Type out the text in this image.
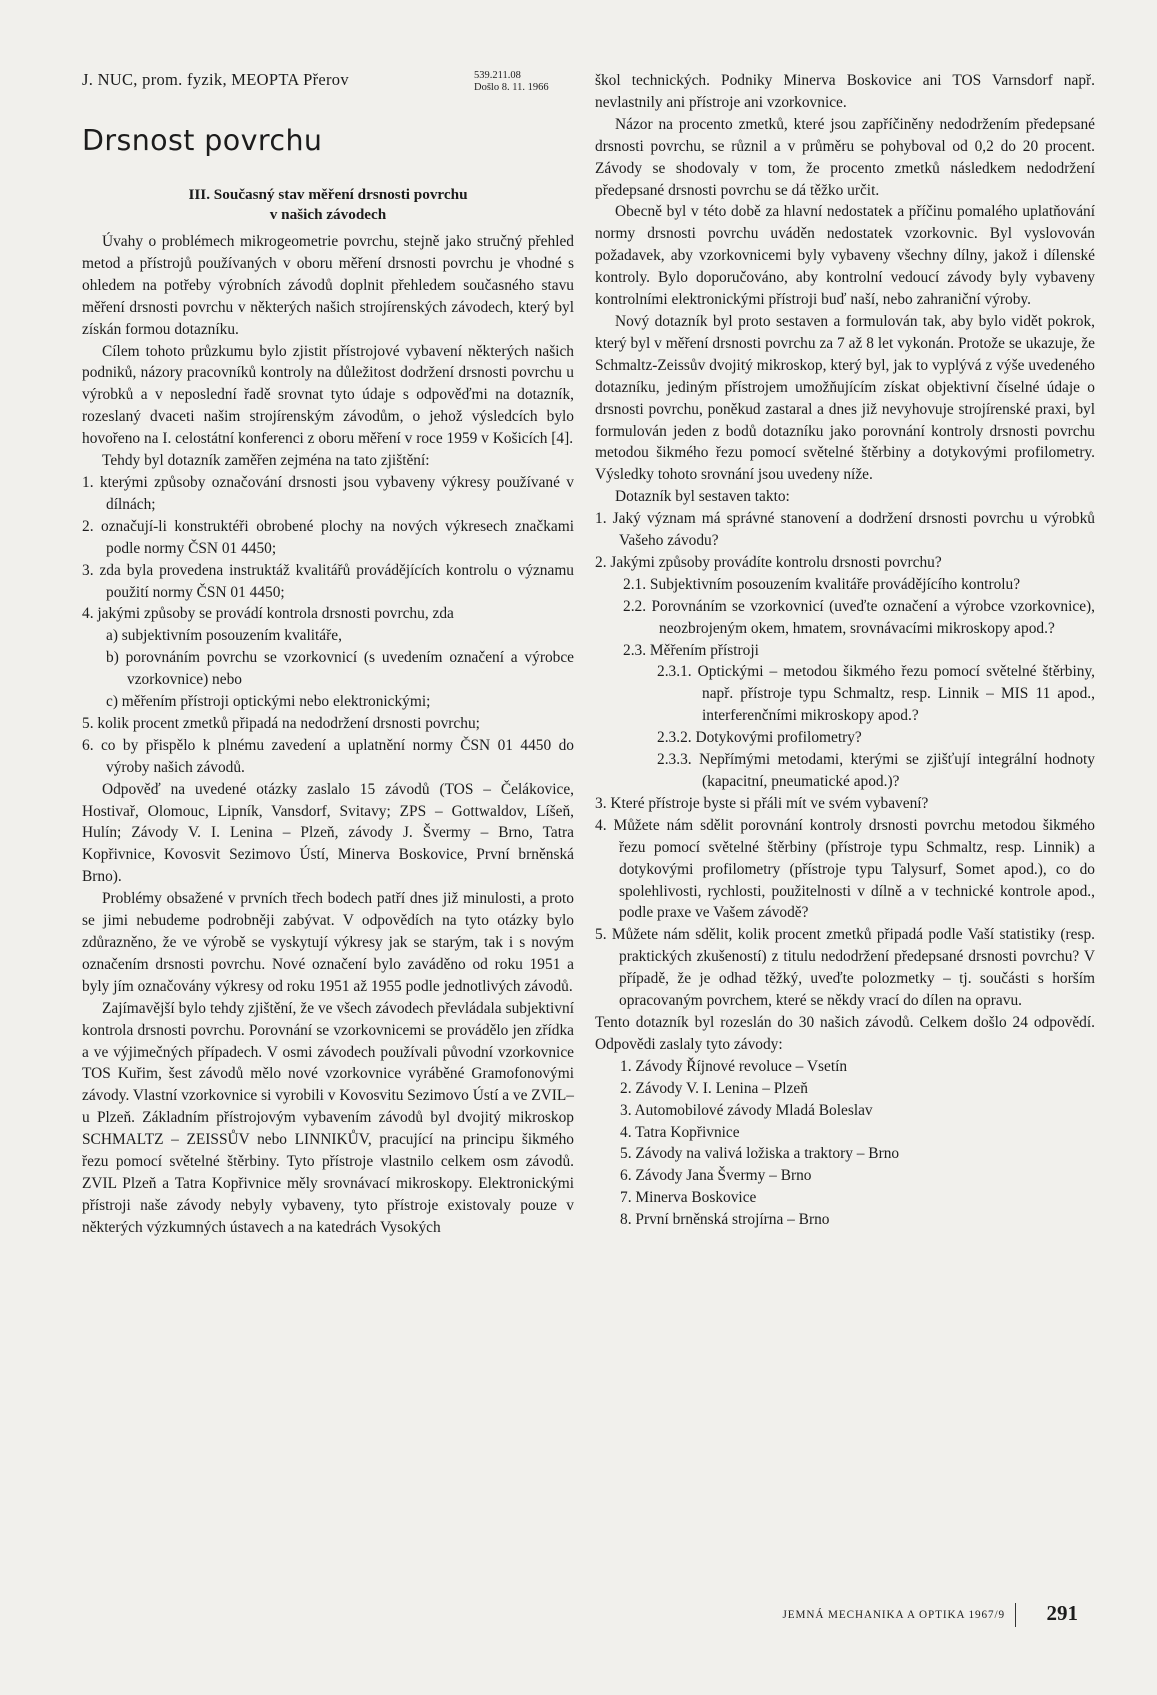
J. NUC, prom. fyzik, MEOPTA Přerov	539.211.08
Došlo 8. 11. 1966
Drsnost povrchu
III. Současný stav měření drsnosti povrchu
v našich závodech

Úvahy o problémech mikrogeometrie povrchu, stejně jako stručný přehled metod a přístrojů používaných v oboru měření drsnosti povrchu je vhodné s ohledem na potřeby výrobních závodů doplnit přehledem současného stavu měření drsnosti povrchu v některých našich strojírenských závodech, který byl získán formou dotazníku.

Cílem tohoto průzkumu bylo zjistit přístrojové vybavení některých našich podniků, názory pracovníků kontroly na důležitost dodržení drsnosti povrchu u výrobků a v neposlední řadě srovnat tyto údaje s odpověďmi na dotazník, rozeslaný dvaceti našim strojírenským závodům, o jehož výsledcích bylo hovořeno na I. celostátní konferenci z oboru měření v roce 1959 v Košicích [4].

Tehdy byl dotazník zaměřen zejména na tato zjištění:

1. kterými způsoby označování drsnosti jsou vybaveny výkresy používané v dílnách;

2. označují-li konstruktéři obrobené plochy na nových výkresech značkami podle normy ČSN 01 4450;

3. zda byla provedena instruktáž kvalitářů provádějících kontrolu o významu použití normy ČSN 01 4450;

4. jakými způsoby se provádí kontrola drsnosti povrchu, zda

a) subjektivním posouzením kvalitáře,

b) porovnáním povrchu se vzorkovnicí (s uvedením označení a výrobce vzorkovnice) nebo

c) měřením přístroji optickými nebo elektronickými;

5. kolik procent zmetků připadá na nedodržení drsnosti povrchu;

6. co by přispělo k plnému zavedení a uplatnění normy ČSN 01 4450 do výroby našich závodů.

Odpověď na uvedené otázky zaslalo 15 závodů (TOS – Čelákovice, Hostivař, Olomouc, Lipník, Vansdorf, Svitavy; ZPS – Gottwaldov, Líšeň, Hulín; Závody V. I. Lenina – Plzeň, závody J. Švermy – Brno, Tatra Kopřivnice, Kovosvit Sezimovo Ústí, Minerva Boskovice, První brněnská Brno).

Problémy obsažené v prvních třech bodech patří dnes již minulosti, a proto se jimi nebudeme podrobněji zabývat. V odpovědích na tyto otázky bylo zdůrazněno, že ve výrobě se vyskytují výkresy jak se starým, tak i s novým označením drsnosti povrchu. Nové označení bylo zaváděno od roku 1951 a byly jím označovány výkresy od roku 1951 až 1955 podle jednotlivých závodů.

Zajímavější bylo tehdy zjištění, že ve všech závodech převládala subjektivní kontrola drsnosti povrchu. Porovnání se vzorkovnicemi se provádělo jen zřídka a ve výjimečných případech. V osmi závodech používali původní vzorkovnice TOS Kuřim, šest závodů mělo nové vzorkovnice vyráběné Gramofonovými závody. Vlastní vzorkovnice si vyrobili v Kovosvitu Sezimovo Ústí a ve ZVIL–u Plzeň. Základním přístrojovým vybavením závodů byl dvojitý mikroskop SCHMALTZ – ZEISSŮV nebo LINNIKŮV, pracující na principu šikmého řezu pomocí světelné štěrbiny. Tyto přístroje vlastnilo celkem osm závodů. ZVIL Plzeň a Tatra Kopřivnice měly srovnávací mikroskopy. Elektronickými přístroji naše závody nebyly vybaveny, tyto přístroje existovaly pouze v některých výzkumných ústavech a na katedrách Vysokých

škol technických. Podniky Minerva Boskovice ani TOS Varnsdorf např. nevlastnily ani přístroje ani vzorkovnice.

Názor na procento zmetků, které jsou zapříčiněny nedodržením předepsané drsnosti povrchu, se různil a v průměru se pohyboval od 0,2 do 20 procent. Závody se shodovaly v tom, že procento zmetků následkem nedodržení předepsané drsnosti povrchu se dá těžko určit.

Obecně byl v této době za hlavní nedostatek a příčinu pomalého uplatňování normy drsnosti povrchu uváděn nedostatek vzorkovnic. Byl vyslovován požadavek, aby vzorkovnicemi byly vybaveny všechny dílny, jakož i dílenské kontroly. Bylo doporučováno, aby kontrolní vedoucí závody byly vybaveny kontrolními elektronickými přístroji buď naší, nebo zahraniční výroby.

Nový dotazník byl proto sestaven a formulován tak, aby bylo vidět pokrok, který byl v měření drsnosti povrchu za 7 až 8 let vykonán. Protože se ukazuje, že Schmaltz-Zeissův dvojitý mikroskop, který byl, jak to vyplývá z výše uvedeného dotazníku, jediným přístrojem umožňujícím získat objektivní číselné údaje o drsnosti povrchu, poněkud zastaral a dnes již nevyhovuje strojírenské praxi, byl formulován jeden z bodů dotazníku jako porovnání kontroly drsnosti povrchu metodou šikmého řezu pomocí světelné štěrbiny a dotykovými profilometry. Výsledky tohoto srovnání jsou uvedeny níže.

Dotazník byl sestaven takto:

1. Jaký význam má správné stanovení a dodržení drsnosti povrchu u výrobků Vašeho závodu?

2. Jakými způsoby provádíte kontrolu drsnosti povrchu?

2.1. Subjektivním posouzením kvalitáře provádějícího kontrolu?

2.2. Porovnáním se vzorkovnicí (uveďte označení a výrobce vzorkovnice), neozbrojeným okem, hmatem, srovnávacími mikroskopy apod.?

2.3. Měřením přístroji

2.3.1. Optickými – metodou šikmého řezu pomocí světelné štěrbiny, např. přístroje typu Schmaltz, resp. Linnik – MIS 11 apod., interferenčními mikroskopy apod.?

2.3.2. Dotykovými profilometry?

2.3.3. Nepřímými metodami, kterými se zjišťují integrální hodnoty (kapacitní, pneumatické apod.)?

3. Které přístroje byste si přáli mít ve svém vybavení?

4. Můžete nám sdělit porovnání kontroly drsnosti povrchu metodou šikmého řezu pomocí světelné štěrbiny (přístroje typu Schmaltz, resp. Linnik) a dotykovými profilometry (přístroje typu Talysurf, Somet apod.), co do spolehlivosti, rychlosti, použitelnosti v dílně a v technické kontrole apod., podle praxe ve Vašem závodě?

5. Můžete nám sdělit, kolik procent zmetků připadá podle Vaší statistiky (resp. praktických zkušeností) z titulu nedodržení předepsané drsnosti povrchu? V případě, že je odhad těžký, uveďte polozmetky – tj. součásti s horším opracovaným povrchem, které se někdy vrací do dílen na opravu.

Tento dotazník byl rozeslán do 30 našich závodů. Celkem došlo 24 odpovědí. Odpovědi zaslaly tyto závody:

1. Závody Říjnové revoluce – Vsetín

2. Závody V. I. Lenina – Plzeň

3. Automobilové závody Mladá Boleslav

4. Tatra Kopřivnice

5. Závody na valivá ložiska a traktory – Brno

6. Závody Jana Švermy – Brno

7. Minerva Boskovice

8. První brněnská strojírna – Brno

JEMNÁ MECHANIKA A OPTIKA 1967/9 291
